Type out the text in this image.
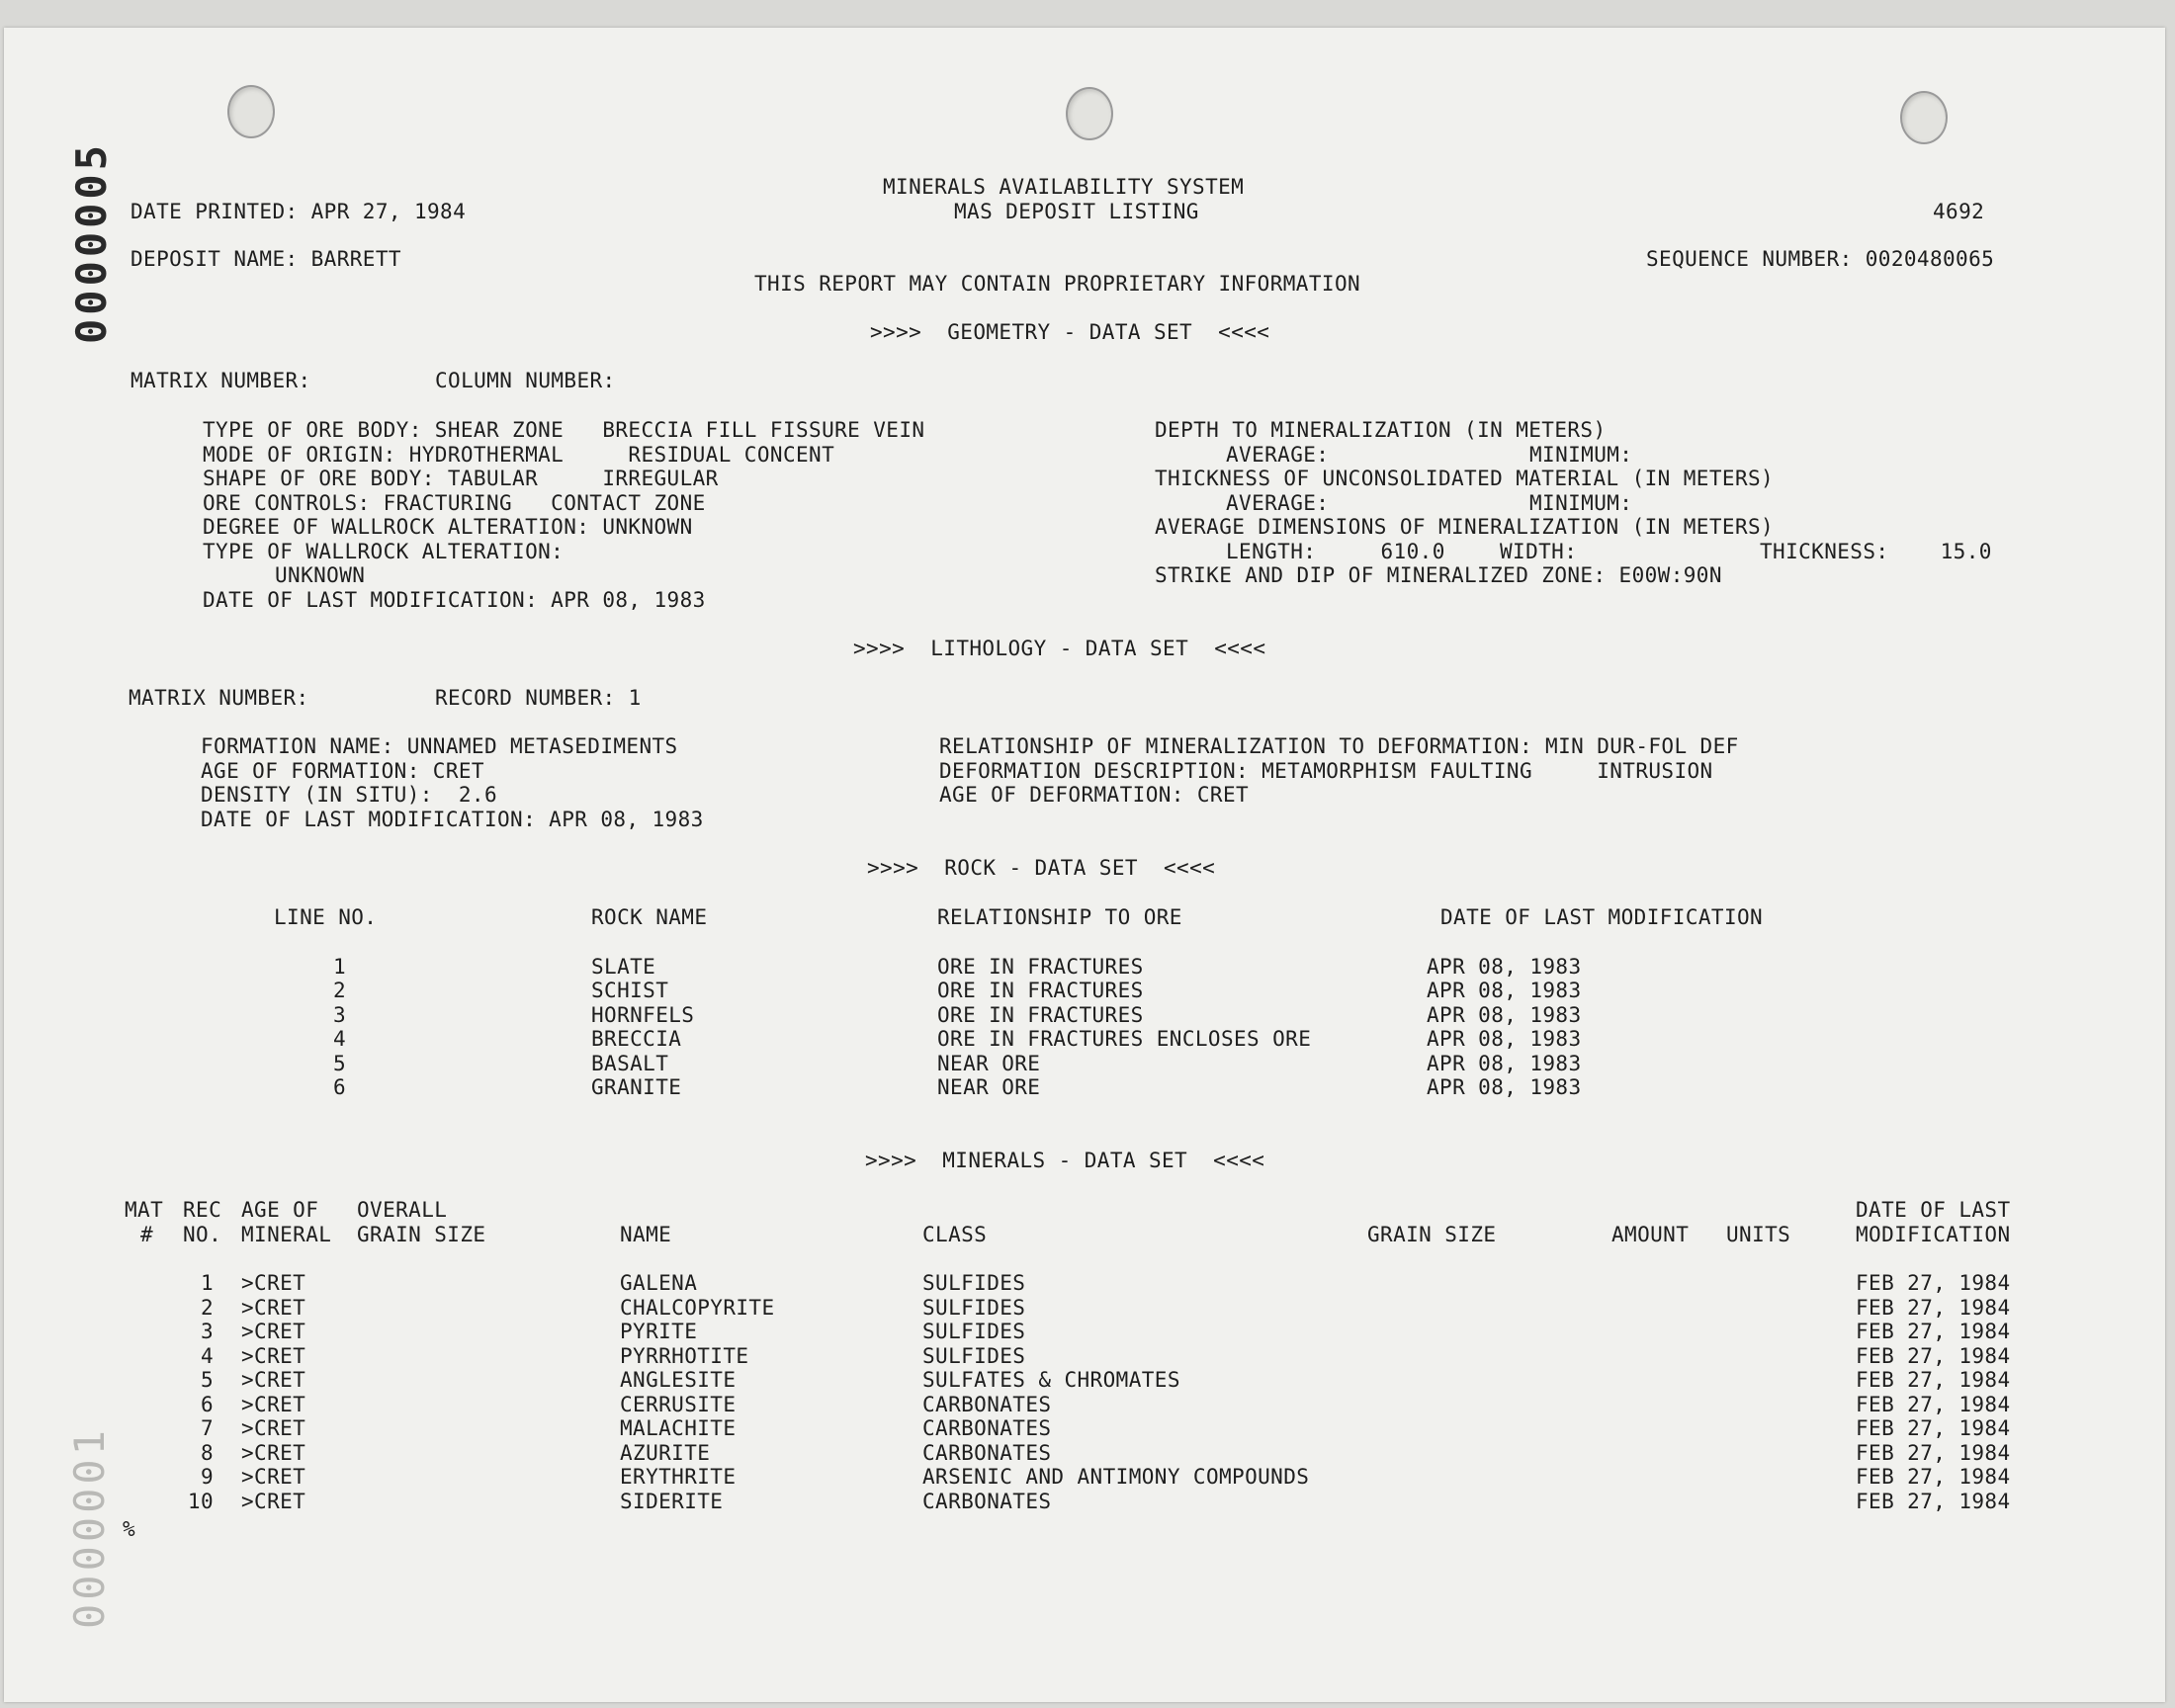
0000005
0000001
MINERALS AVAILABILITY SYSTEM
DATE PRINTED: APR 27, 1984	MAS DEPOSIT LISTING	4692
DEPOSIT NAME: BARRETT	SEQUENCE NUMBER: 0020480065
THIS REPORT MAY CONTAIN PROPRIETARY INFORMATION
>>>>  GEOMETRY - DATA SET  <<<<
MATRIX NUMBER:	COLUMN NUMBER:
TYPE OF ORE BODY: SHEAR ZONE   BRECCIA FILL FISSURE VEIN
MODE OF ORIGIN: HYDROTHERMAL     RESIDUAL CONCENT
SHAPE OF ORE BODY: TABULAR     IRREGULAR
ORE CONTROLS: FRACTURING   CONTACT ZONE
DEGREE OF WALLROCK ALTERATION: UNKNOWN
TYPE OF WALLROCK ALTERATION:
UNKNOWN
DATE OF LAST MODIFICATION: APR 08, 1983
DEPTH TO MINERALIZATION (IN METERS)
AVERAGE:	MINIMUM:
THICKNESS OF UNCONSOLIDATED MATERIAL (IN METERS)
AVERAGE:	MINIMUM:
AVERAGE DIMENSIONS OF MINERALIZATION (IN METERS)
LENGTH:     610.0	WIDTH:	THICKNESS:    15.0
STRIKE AND DIP OF MINERALIZED ZONE: E00W:90N
>>>>  LITHOLOGY - DATA SET  <<<<
MATRIX NUMBER:	RECORD NUMBER: 1
FORMATION NAME: UNNAMED METASEDIMENTS
AGE OF FORMATION: CRET
DENSITY (IN SITU):  2.6
DATE OF LAST MODIFICATION: APR 08, 1983
RELATIONSHIP OF MINERALIZATION TO DEFORMATION: MIN DUR-FOL DEF
DEFORMATION DESCRIPTION: METAMORPHISM FAULTING     INTRUSION
AGE OF DEFORMATION: CRET
>>>>  ROCK - DATA SET  <<<<
LINE NO.	ROCK NAME	RELATIONSHIP TO ORE	DATE OF LAST MODIFICATION
1	SLATE	ORE IN FRACTURES	APR 08, 1983
2	SCHIST	ORE IN FRACTURES	APR 08, 1983
3	HORNFELS	ORE IN FRACTURES	APR 08, 1983
4	BRECCIA	ORE IN FRACTURES ENCLOSES ORE	APR 08, 1983
5	BASALT	NEAR ORE	APR 08, 1983
6	GRANITE	NEAR ORE	APR 08, 1983
>>>>  MINERALS - DATA SET  <<<<
MAT REC AGE OF OVERALL	DATE OF LAST
# NO. MINERAL GRAIN SIZE	NAME	CLASS	GRAIN SIZE	AMOUNT UNITS	MODIFICATION
1 >CRET	GALENA	SULFIDES	FEB 27, 1984
2 >CRET	CHALCOPYRITE	SULFIDES	FEB 27, 1984
3 >CRET	PYRITE	SULFIDES	FEB 27, 1984
4 >CRET	PYRRHOTITE	SULFIDES	FEB 27, 1984
5 >CRET	ANGLESITE	SULFATES & CHROMATES	FEB 27, 1984
6 >CRET	CERRUSITE	CARBONATES	FEB 27, 1984
7 >CRET	MALACHITE	CARBONATES	FEB 27, 1984
8 >CRET	AZURITE	CARBONATES	FEB 27, 1984
9 >CRET	ERYTHRITE	ARSENIC AND ANTIMONY COMPOUNDS	FEB 27, 1984
10 >CRET	SIDERITE	CARBONATES	FEB 27, 1984
%
